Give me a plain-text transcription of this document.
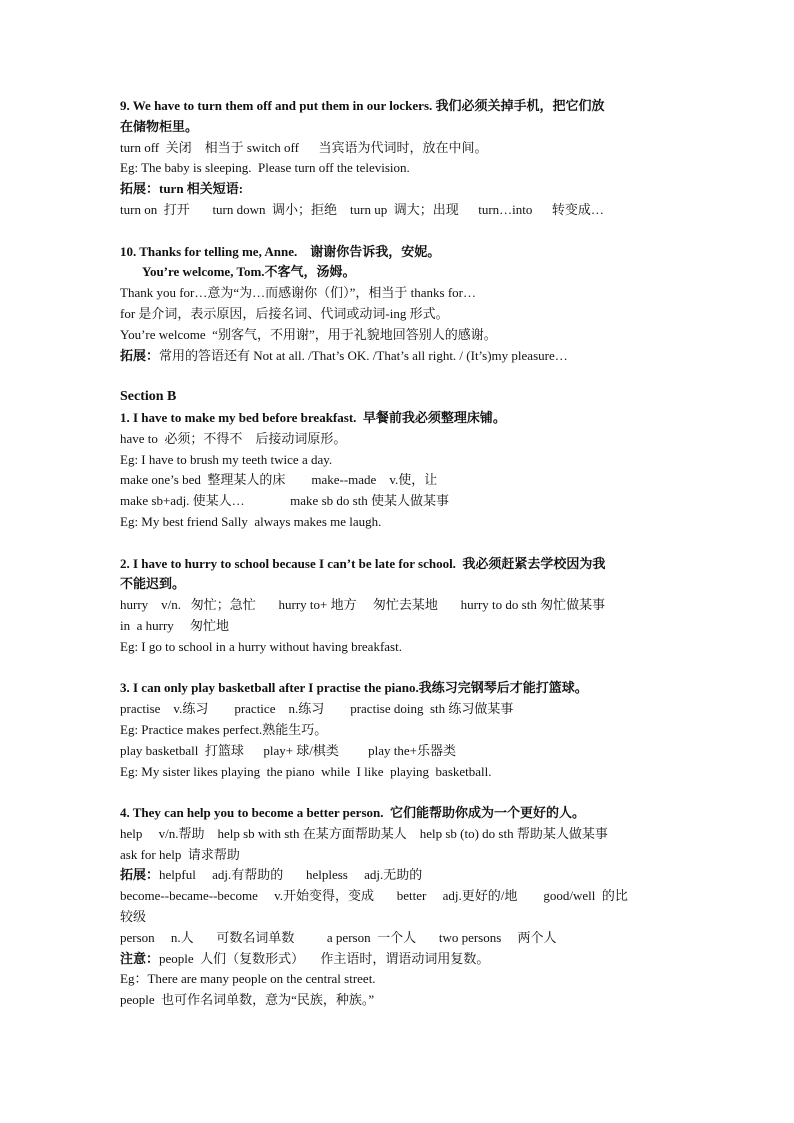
9. We have to turn them off and put them in our lockers. 我们必须关掉手机，把它们放
在储物柜里。
turn off  关闭    相当于 switch off      当宾语为代词时，放在中间。
Eg: The baby is sleeping.  Please turn off the television.
拓展：turn 相关短语:
turn on  打开       turn down  调小；拒绝    turn up  调大；出现      turn…into      转变成…
10. Thanks for telling me, Anne.    谢谢你告诉我，安妮。
You’re welcome, Tom.不客气，汤姆。
Thank you for…意为“为…而感谢你（们）”，相当于 thanks for…
for 是介词，表示原因，后接名词、代词或动词-ing 形式。
You’re welcome  “别客气，不用谢”，用于礼貌地回答别人的感谢。
拓展：常用的答语还有 Not at all. /That’s OK. /That’s all right. / (It’s)my pleasure…
Section B
1. I have to make my bed before breakfast.  早餐前我必须整理床铺。
have to  必须；不得不    后接动词原形。
Eg: I have to brush my teeth twice a day.
make one’s bed  整理某人的床        make--made    v.使，让
make sb+adj. 使某人…              make sb do sth 使某人做某事
Eg: My best friend Sally  always makes me laugh.
2. I have to hurry to school because I can’t be late for school.  我必须赶紧去学校因为我
不能迟到。
hurry    v/n.   匆忙；急忙       hurry to+ 地方     匆忙去某地       hurry to do sth 匆忙做某事
in  a hurry     匆忙地
Eg: I go to school in a hurry without having breakfast.
3. I can only play basketball after I practise the piano.我练习完钢琴后才能打篮球。
practise    v.练习        practice    n.练习        practise doing  sth 练习做某事
Eg: Practice makes perfect.熟能生巧。
play basketball  打篮球      play+ 球/棋类         play the+乐器类
Eg: My sister likes playing  the piano  while  I like  playing  basketball.
4. They can help you to become a better person.  它们能帮助你成为一个更好的人。
help     v/n.帮助    help sb with sth 在某方面帮助某人    help sb (to) do sth 帮助某人做某事
ask for help  请求帮助
拓展：helpful     adj.有帮助的       helpless     adj.无助的
become--became--become     v.开始变得，变成       better     adj.更好的/地        good/well  的比
较级
person     n.人       可数名词单数          a person  一个人       two persons     两个人
注意：people  人们（复数形式）     作主语时，谓语动词用复数。
Eg：There are many people on the central street.
people  也可作名词单数，意为“民族，种族。”
